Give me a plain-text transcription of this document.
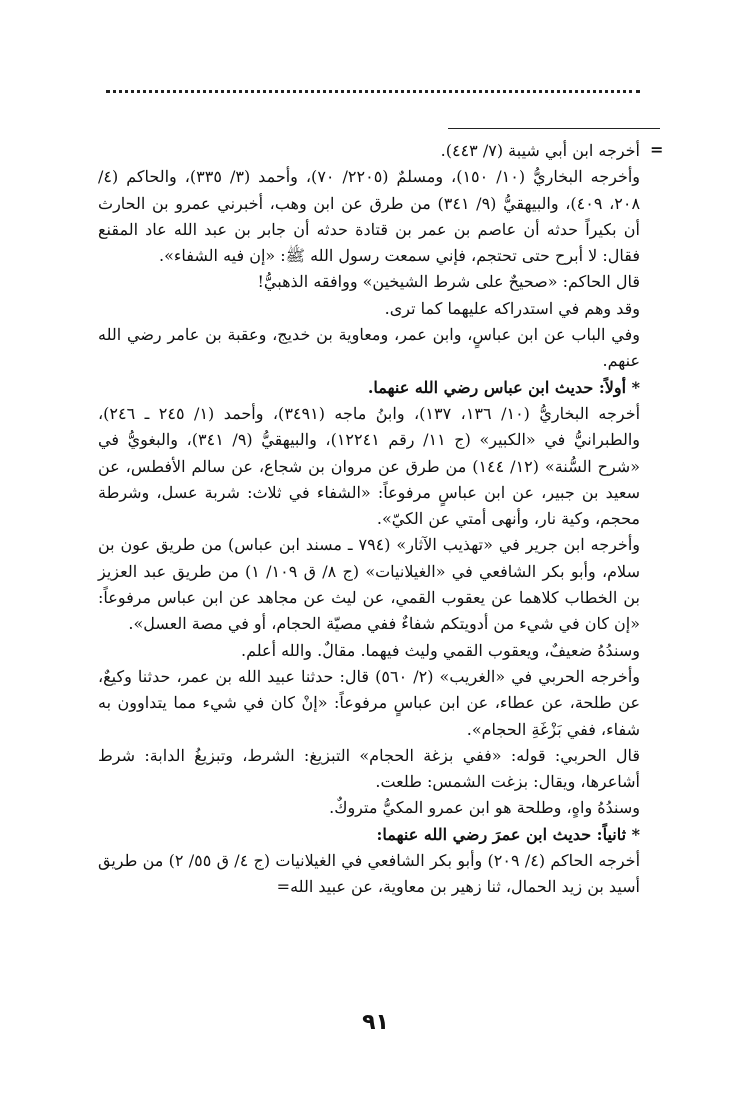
=

أخرجه ابن أبي شيبة (٧/ ٤٤٣).

وأخرجه البخاريُّ (١٠/ ١٥٠)، ومسلمٌ (٢٢٠٥/ ٧٠)، وأحمد (٣/ ٣٣٥)، والحاكم (٤/ ٢٠٨، ٤٠٩)، والبيهقيُّ (٩/ ٣٤١) من طرق عن ابن وهب، أخبرني عمرو بن الحارث أن بكيراً حدثه أن عاصم بن عمر بن قتادة حدثه أن جابر بن عبد الله عاد المقنع فقال: لا أبرح حتى تحتجم، فإني سمعت رسول الله ﷺ: «إن فيه الشفاء».

قال الحاكم: «صحيحٌ على شرط الشيخين» ووافقه الذهبيُّ!

وقد وهم في استدراكه عليهما كما ترى.

وفي الباب عن ابن عباسٍ، وابن عمر، ومعاوية بن خديج، وعقبة بن عامر رضي الله عنهم.

* أولاً: حديث ابن عباس رضي الله عنهما.

أخرجه البخاريُّ (١٠/ ١٣٦، ١٣٧)، وابنُ ماجه (٣٤٩١)، وأحمد (١/ ٢٤٥ ـ ٢٤٦)، والطبرانيُّ في «الكبير» (ج ١١/ رقم ١٢٢٤١)، والبيهقيُّ (٩/ ٣٤١)، والبغويُّ في «شرح السُّنة» (١٢/ ١٤٤) من طرق عن مروان بن شجاع، عن سالم الأفطس، عن سعيد بن جبير، عن ابن عباسٍ مرفوعاً: «الشفاء في ثلاث: شربة عسل، وشرطة محجم، وكية نار، وأنهى أمتي عن الكيّ».

وأخرجه ابن جرير في «تهذيب الآثار» (٧٩٤ ـ مسند ابن عباس) من طريق عون بن سلام، وأبو بكر الشافعي في «الغيلانيات» (ج ٨/ ق ١٠٩/ ١) من طريق عبد العزيز بن الخطاب كلاهما عن يعقوب القمي، عن ليث عن مجاهد عن ابن عباس مرفوعاً: «إن كان في شيء من أدويتكم شفاءٌ ففي مصيّة الحجام، أو في مصة العسل».

وسندُهُ ضعيفٌ، ويعقوب القمي وليث فيهما. مقالٌ. والله أعلم.

وأخرجه الحربي في «الغريب» (٢/ ٥٦٠) قال: حدثنا عبيد الله بن عمر، حدثنا وكيعٌ، عن طلحة، عن عطاء، عن ابن عباسٍ مرفوعاً: «إنْ كان في شيء مما يتداوون به شفاء، ففي بَزْغَةِ الحجام».

قال الحربي: قوله: «ففي بزغة الحجام» التبزيغ: الشرط، وتبزيغُ الدابة: شرط أشاعرها، ويقال: بزغت الشمس: طلعت.

وسندُهُ واهٍ، وطلحة هو ابن عمرو المكيُّ متروكٌ.

* ثانياً: حديث ابن عمرَ رضي الله عنهما:

أخرجه الحاكم (٤/ ٢٠٩) وأبو بكر الشافعي في الغيلانيات (ج ٤/ ق ٥٥/ ٢) من طريق أسيد بن زيد الحمال، ثنا زهير بن معاوية، عن عبيد الله=

٩١
